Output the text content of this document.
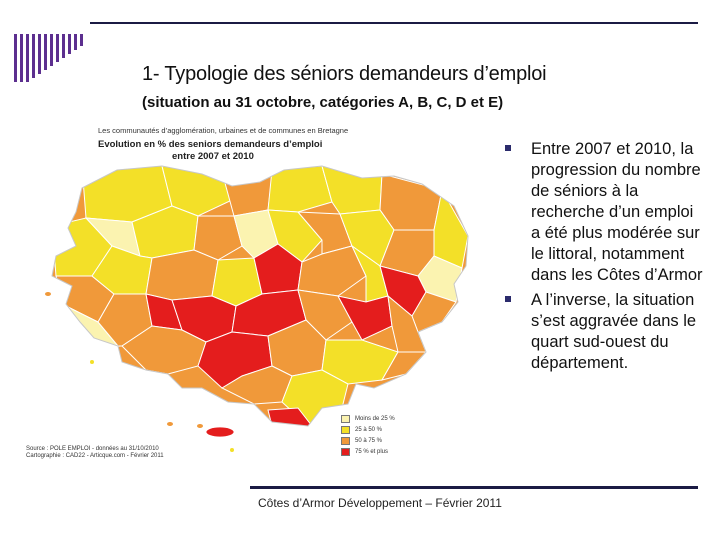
1- Typologie des séniors demandeurs d’emploi
(situation au 31 octobre, catégories A, B, C, D et E)
Les communautés d’agglomération, urbaines et de communes en Bretagne
Evolution en % des seniors demandeurs d’emploi
entre 2007 et 2010
Moins de 25 %
25 à 50 %
50 à 75 %
75 % et plus
Source : POLE EMPLOI - données au 31/10/2010
Cartographie : CAD22 - Articque.com - Février 2011
Entre 2007 et 2010, la progression du nombre de séniors à la recherche d’un emploi a été plus modérée sur le littoral, notamment dans les Côtes d’Armor
A l’inverse, la situation s’est aggravée dans le quart sud-ouest du département.
Côtes d’Armor Développement – Février 2011
